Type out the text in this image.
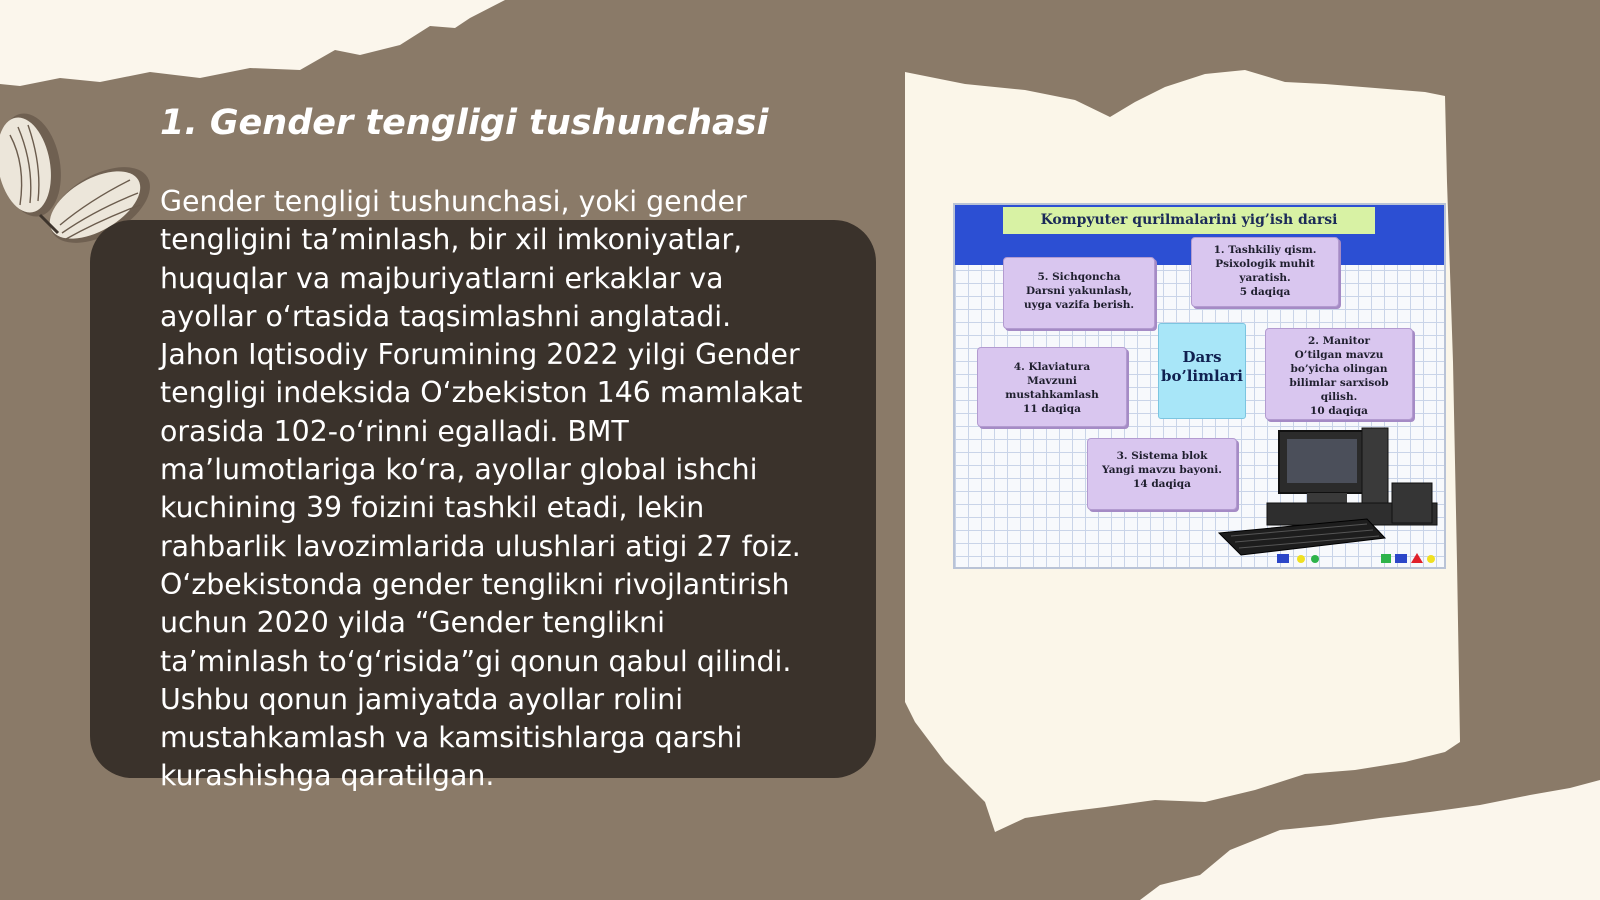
1. Gender tengligi tushunchasi

Gender tengligi tushunchasi, yoki gender
tengligini ta’minlash, bir xil imkoniyatlar,
huquqlar va majburiyatlarni erkaklar va
ayollar o‘rtasida taqsimlashni anglatadi.
Jahon Iqtisodiy Forumining 2022 yilgi Gender
tengligi indeksida O‘zbekiston 146 mamlakat
orasida 102-o‘rinni egalladi. BMT
ma’lumotlariga ko‘ra, ayollar global ishchi
kuchining 39 foizini tashkil etadi, lekin
rahbarlik lavozimlarida ulushlari atigi 27 foiz.
O‘zbekistonda gender tenglikni rivojlantirish
uchun 2020 yilda “Gender tenglikni
ta’minlash to‘g‘risida”gi qonun qabul qilindi.
Ushbu qonun jamiyatda ayollar rolini
mustahkamlash va kamsitishlarga qarshi
kurashishga qaratilgan.

Kompyuter qurilmalarini yig’ish darsi
1. Tashkiliy qism.
Psixologik muhit
yaratish.
5 daqiqa
5. Sichqoncha
Darsni yakunlash,
uyga vazifa berish.
Dars
bo’limlari
2. Manitor
O’tilgan mavzu
bo’yicha olingan
bilimlar sarxisob
qilish.
10 daqiqa
4. Klaviatura
Mavzuni
mustahkamlash
11 daqiqa
3. Sistema blok
Yangi mavzu bayoni.
14 daqiqa
